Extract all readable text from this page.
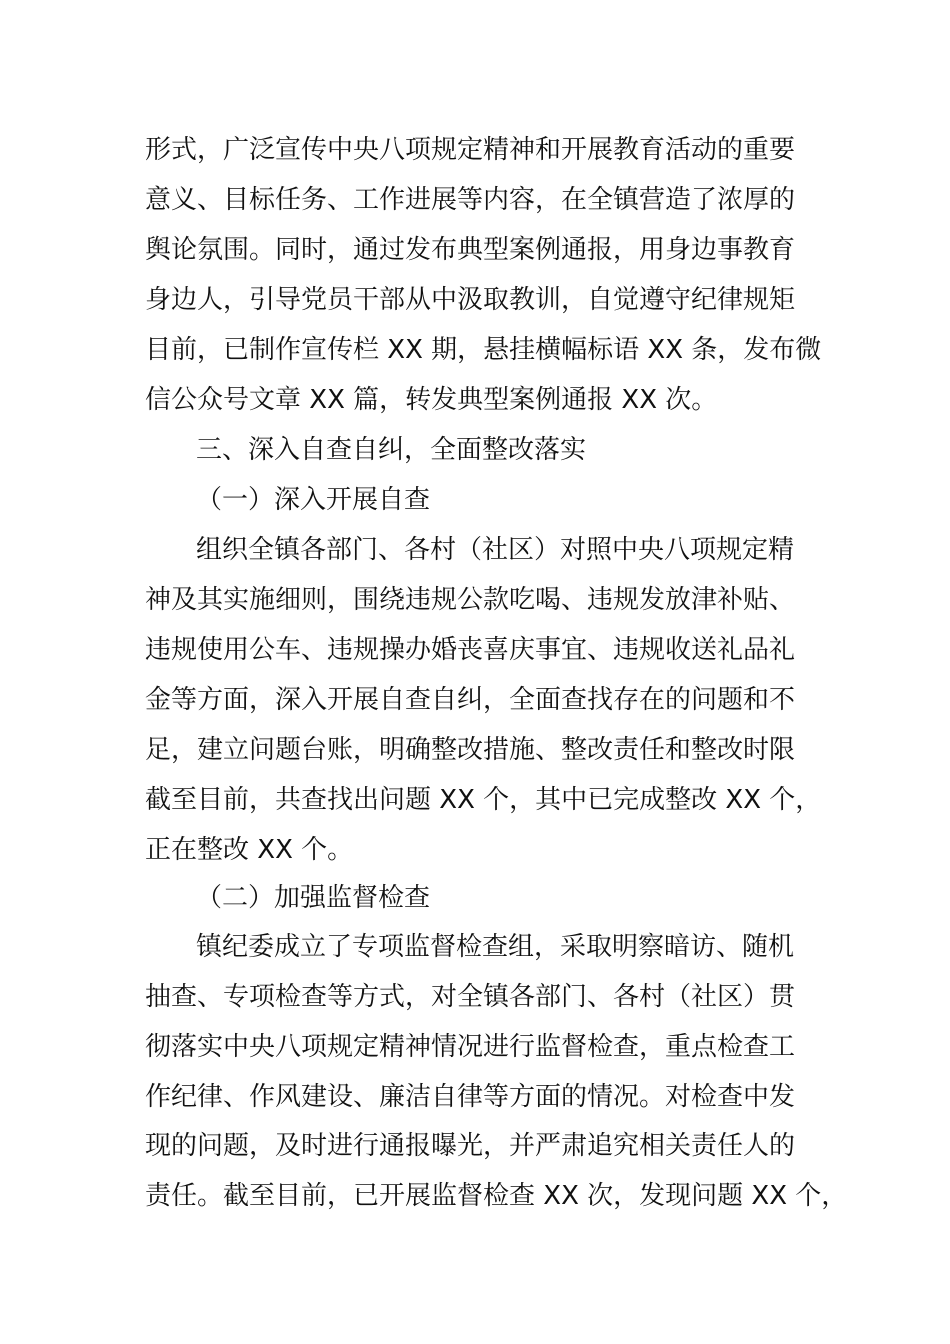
形式，广泛宣传中央八项规定精神和开展教育活动的重要
意义、目标任务、工作进展等内容，在全镇营造了浓厚的
舆论氛围。同时，通过发布典型案例通报，用身边事教育
身边人，引导党员干部从中汲取教训，自觉遵守纪律规矩
目前，已制作宣传栏 XX 期，悬挂横幅标语 XX 条，发布微
信公众号文章 XX 篇，转发典型案例通报 XX 次。
三、深入自查自纠，全面整改落实
（一）深入开展自查
组织全镇各部门、各村（社区）对照中央八项规定精
神及其实施细则，围绕违规公款吃喝、违规发放津补贴、
违规使用公车、违规操办婚丧喜庆事宜、违规收送礼品礼
金等方面，深入开展自查自纠，全面查找存在的问题和不
足，建立问题台账，明确整改措施、整改责任和整改时限
截至目前，共查找出问题 XX 个，其中已完成整改 XX 个，
正在整改 XX 个。
（二）加强监督检查
镇纪委成立了专项监督检查组，采取明察暗访、随机
抽查、专项检查等方式，对全镇各部门、各村（社区）贯
彻落实中央八项规定精神情况进行监督检查，重点检查工
作纪律、作风建设、廉洁自律等方面的情况。对检查中发
现的问题，及时进行通报曝光，并严肃追究相关责任人的
责任。截至目前，已开展监督检查 XX 次，发现问题 XX 个，
